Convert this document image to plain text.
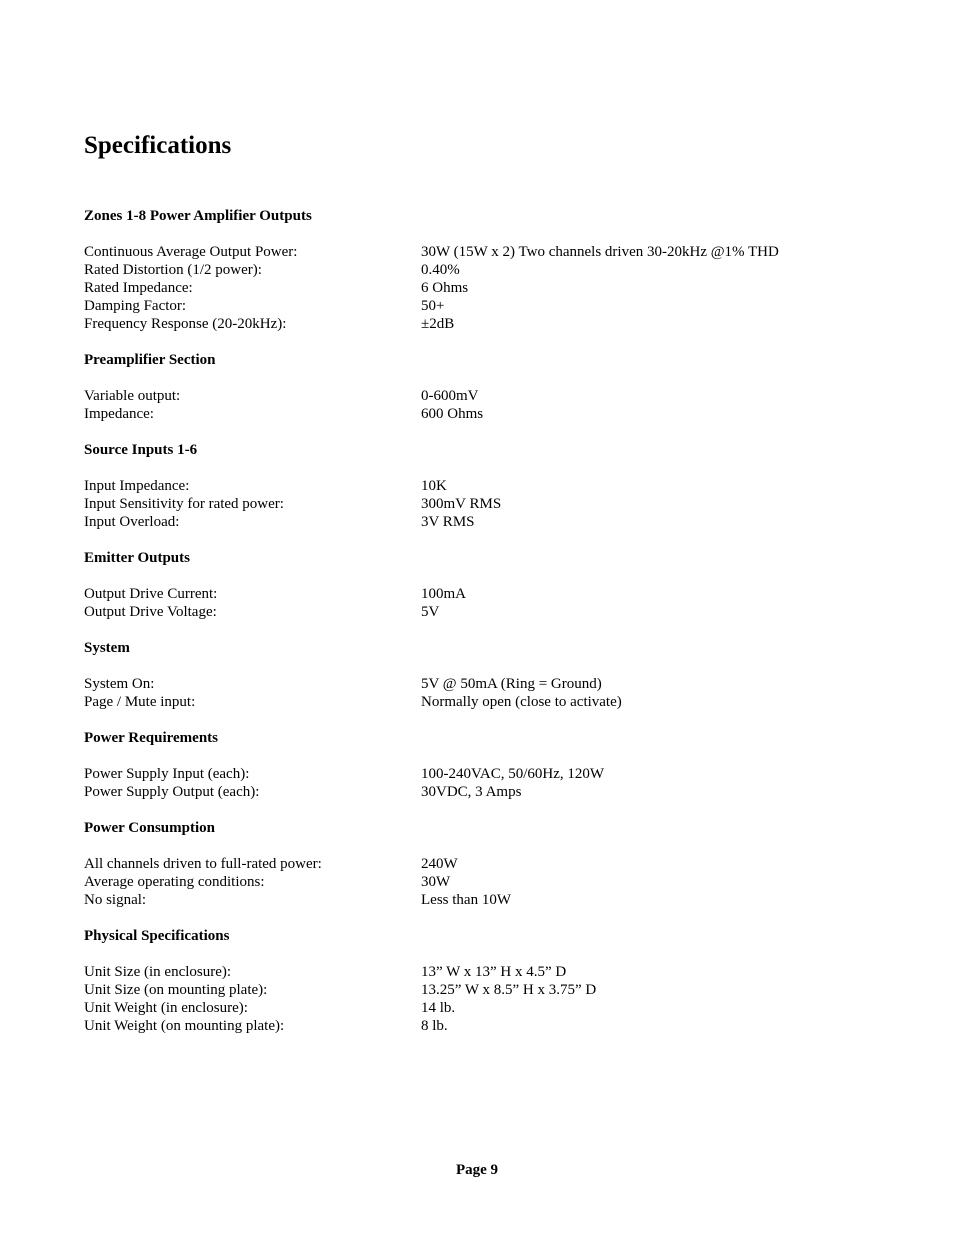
Specifications
Zones 1-8 Power Amplifier Outputs
Continuous Average Output Power:	30W (15W x 2) Two channels driven 30-20kHz @1% THD
Rated Distortion (1/2 power):	0.40%
Rated Impedance:	6 Ohms
Damping Factor:	50+
Frequency Response (20-20kHz):	±2dB
Preamplifier Section
Variable output:	0-600mV
Impedance:	600 Ohms
Source Inputs 1-6
Input Impedance:	10K
Input Sensitivity for rated power:	300mV RMS
Input Overload:	3V RMS
Emitter Outputs
Output Drive Current:	100mA
Output Drive Voltage:	5V
System
System On:	5V @ 50mA (Ring = Ground)
Page / Mute input:	Normally open (close to activate)
Power Requirements
Power Supply Input (each):	100-240VAC, 50/60Hz, 120W
Power Supply Output (each):	30VDC, 3 Amps
Power Consumption
All channels driven to full-rated power:	240W
Average operating conditions:	30W
No signal:	Less than 10W
Physical Specifications
Unit Size (in enclosure):	13” W x 13” H x 4.5” D
Unit Size (on mounting plate):	13.25” W x 8.5” H x 3.75” D
Unit Weight (in enclosure):	14 lb.
Unit Weight (on mounting plate):	8 lb.
Page 9
